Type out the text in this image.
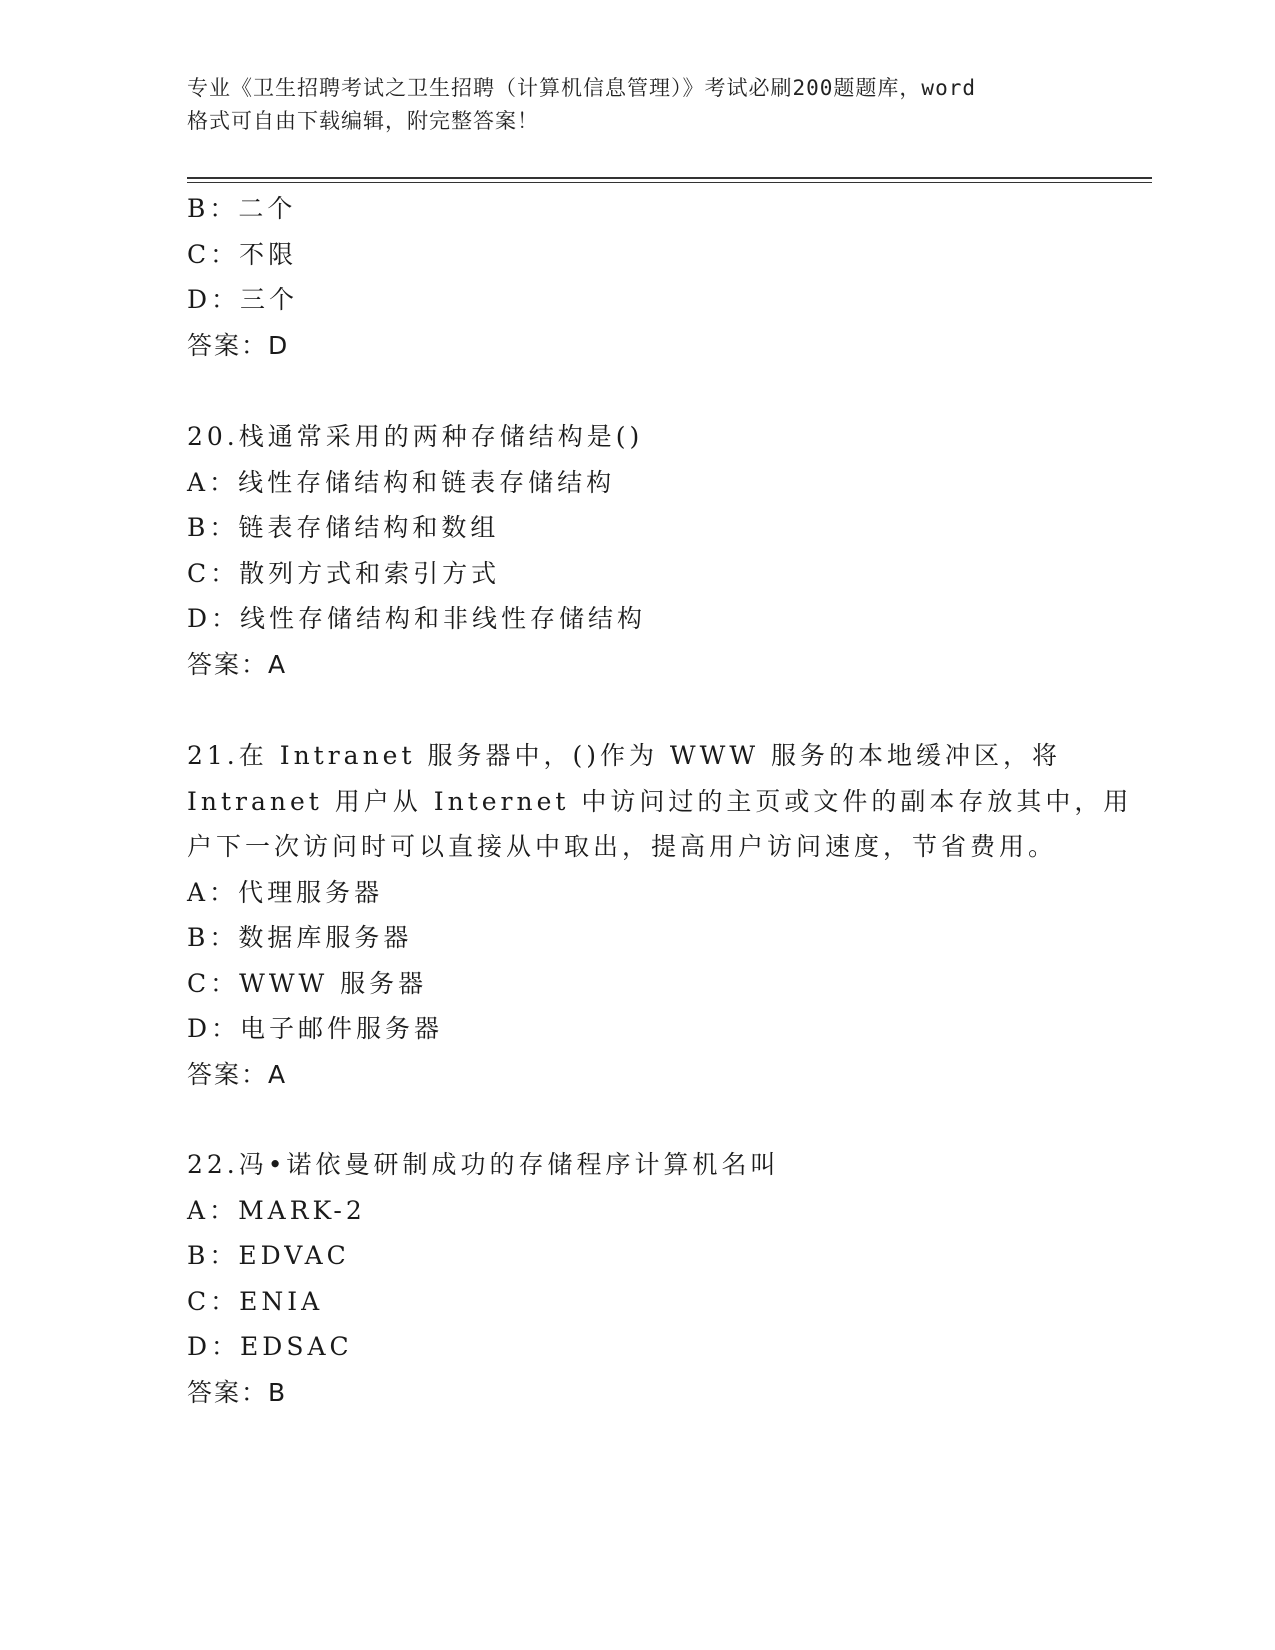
专业《卫生招聘考试之卫生招聘（计算机信息管理）》考试必刷200题题库，word
格式可自由下载编辑，附完整答案！
B：二个
C：不限
D：三个
答案：D
20.栈通常采用的两种存储结构是()
A：线性存储结构和链表存储结构
B：链表存储结构和数组
C：散列方式和索引方式
D：线性存储结构和非线性存储结构
答案：A
21.在 Intranet 服务器中，()作为 WWW 服务的本地缓冲区，将
Intranet 用户从 Internet 中访问过的主页或文件的副本存放其中，用
户下一次访问时可以直接从中取出，提高用户访问速度，节省费用。
A：代理服务器
B：数据库服务器
C：WWW 服务器
D：电子邮件服务器
答案：A
22.冯•诺依曼研制成功的存储程序计算机名叫
A：MARK-2
B：EDVAC
C：ENIA
D：EDSAC
答案：B
